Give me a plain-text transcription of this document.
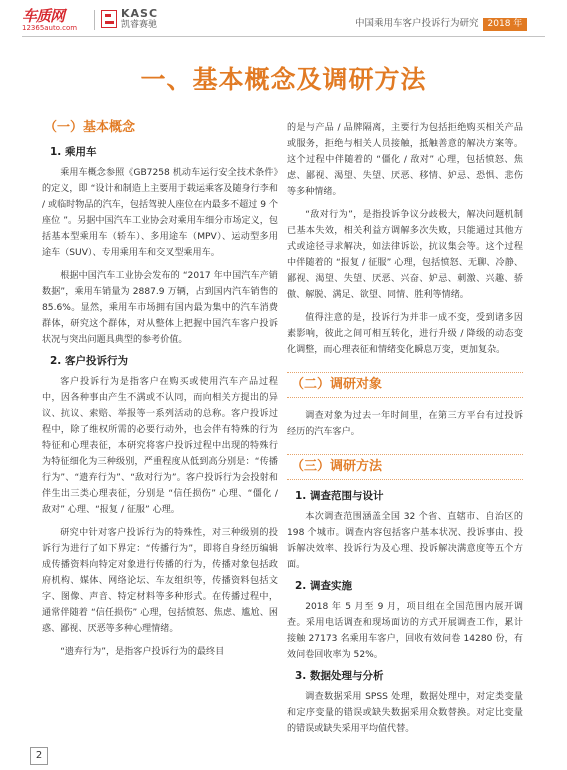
车质网
12365auto.com
KASC
凯睿赛驰	中国乘用车客户投诉行为研究 2018 年
一、基本概念及调研方法
（一）基本概念
1. 乘用车

乘用车概念参照《GB7258 机动车运行安全技术条件》的定义，即 “设计和制造上主要用于载运乘客及随身行李和 / 或临时物品的汽车，包括驾驶人座位在内最多不超过 9 个座位 ”。另据中国汽车工业协会对乘用车细分市场定义，包括基本型乘用车（轿车）、多用途车（MPV）、运动型多用途车（SUV）、专用乘用车和交叉型乘用车。

根据中国汽车工业协会发布的 “2017 年中国汽车产销数据”，乘用车销量为 2887.9 万辆，占到国内汽车销售的 85.6%。显然，乘用车市场拥有国内最为集中的汽车消费群体，研究这个群体，对从整体上把握中国汽车客户投诉状况与突出问题具典型的参考价值。

2. 客户投诉行为

客户投诉行为是指客户在购买或使用汽车产品过程中，因各种事由产生不满或不认同，而向相关方提出的异议、抗议、索赔、举报等一系列活动的总称。客户投诉过程中，除了维权所需的必要行动外，也会伴有特殊的行为特征和心理表征，本研究将客户投诉过程中出现的特殊行为特征细化为三种级别，严重程度从低到高分别是：“传播行为”、“遗弃行为”、“敌对行为”。客户投诉行为会投射和伴生出三类心理表征，分别是 “信任损伤” 心理、“僵化 / 敌对” 心理、“报复 / 征服” 心理。

研究中针对客户投诉行为的特殊性，对三种级别的投诉行为进行了如下界定：“传播行为”，即将自身经历编辑成传播资料向特定对象进行传播的行为，传播对象包括政府机构、媒体、网络论坛、车友组织等，传播资料包括文字、图像、声音、特定材料等多种形式。在传播过程中，通常伴随着 “信任损伤” 心理，包括愤怒、焦虑、尴尬、困惑、鄙视、厌恶等多种心理情绪。

“遗弃行为”，是指客户投诉行为的最终目

的是与产品 / 品牌隔离，主要行为包括拒绝购买相关产品或服务，拒绝与相关人员接触，抵触善意的解决方案等。这个过程中伴随着的 “僵化 / 敌对” 心理，包括愤怒、焦虑、鄙视、渴望、失望、厌恶、移情、妒忌、恐惧、悲伤等多种情绪。

“敌对行为”，是指投诉争议分歧极大，解决问题机制已基本失效，相关利益方调解多次失败，只能通过其他方式或途径寻求解决，如法律诉讼，抗议集会等。这个过程中伴随着的 “报复 / 征服” 心理，包括愤怒、无聊、冷静、鄙视、渴望、失望、厌恶、兴奋、妒忌、刺激、兴趣、骄傲、解脱、满足、欲望、同情、胜利等情绪。

值得注意的是，投诉行为并非一成不变，受到诸多因素影响，彼此之间可相互转化，进行升级 / 降级的动态变化调整，而心理表征和情绪变化瞬息万变，更加复杂。

（二）调研对象

调查对象为过去一年时间里，在第三方平台有过投诉经历的汽车客户。

（三）调研方法
1. 调查范围与设计

本次调查范围涵盖全国 32 个省、直辖市、自治区的 198 个城市。调查内容包括客户基本状况、投诉事由、投诉解决效率、投诉行为及心理、投诉解决满意度等五个方面。

2. 调查实施

2018 年 5 月至 9 月，项目组在全国范围内展开调查。采用电话调查和现场面访的方式开展调查工作，累计接触 27173 名乘用车客户，回收有效问卷 14280 份，有效问卷回收率为 52%。

3. 数据处理与分析

调查数据采用 SPSS 处理，数据处理中，对定类变量和定序变量的错误或缺失数据采用众数替换。对定比变量的错误或缺失采用平均值代替。

2
